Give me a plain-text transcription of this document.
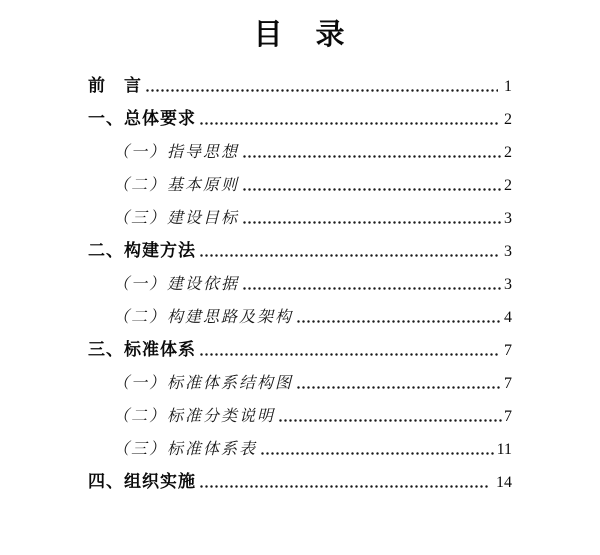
目　录
前　言	1
一、总体要求	2
（一）指导思想	2
（二）基本原则	2
（三）建设目标	3
二、构建方法	3
（一）建设依据	3
（二）构建思路及架构	4
三、标准体系	7
（一）标准体系结构图	7
（二）标准分类说明	7
（三）标准体系表	11
四、组织实施	14
